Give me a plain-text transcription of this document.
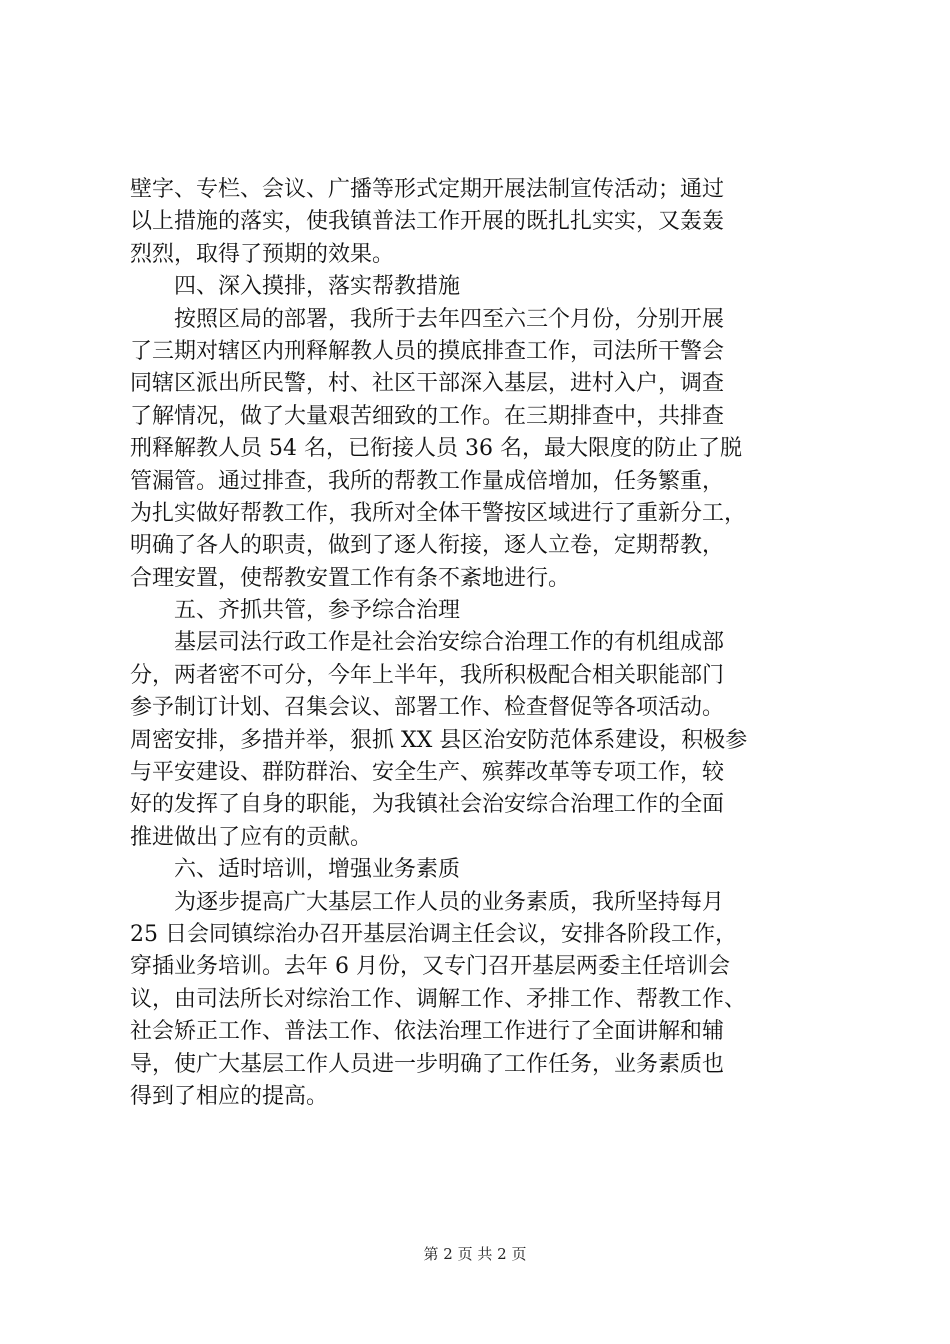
壁字、专栏、会议、广播等形式定期开展法制宣传活动；通过
以上措施的落实，使我镇普法工作开展的既扎扎实实，又轰轰
烈烈，取得了预期的效果。
四、深入摸排，落实帮教措施
按照区局的部署，我所于去年四至六三个月份，分别开展
了三期对辖区内刑释解教人员的摸底排查工作，司法所干警会
同辖区派出所民警，村、社区干部深入基层，进村入户，调查
了解情况，做了大量艰苦细致的工作。在三期排查中，共排查
刑释解教人员 54 名，已衔接人员 36 名，最大限度的防止了脱
管漏管。通过排查，我所的帮教工作量成倍增加，任务繁重，
为扎实做好帮教工作，我所对全体干警按区域进行了重新分工，
明确了各人的职责，做到了逐人衔接，逐人立卷，定期帮教，
合理安置，使帮教安置工作有条不紊地进行。
五、齐抓共管，参予综合治理
基层司法行政工作是社会治安综合治理工作的有机组成部
分，两者密不可分，今年上半年，我所积极配合相关职能部门
参予制订计划、召集会议、部署工作、检查督促等各项活动。
周密安排，多措并举，狠抓 XX 县区治安防范体系建设，积极参
与平安建设、群防群治、安全生产、殡葬改革等专项工作，较
好的发挥了自身的职能，为我镇社会治安综合治理工作的全面
推进做出了应有的贡献。
六、适时培训，增强业务素质
为逐步提高广大基层工作人员的业务素质，我所坚持每月
25 日会同镇综治办召开基层治调主任会议，安排各阶段工作，
穿插业务培训。去年 6 月份，又专门召开基层两委主任培训会
议，由司法所长对综治工作、调解工作、矛排工作、帮教工作、
社会矫正工作、普法工作、依法治理工作进行了全面讲解和辅
导，使广大基层工作人员进一步明确了工作任务，业务素质也
得到了相应的提高。
第 2 页 共 2 页
